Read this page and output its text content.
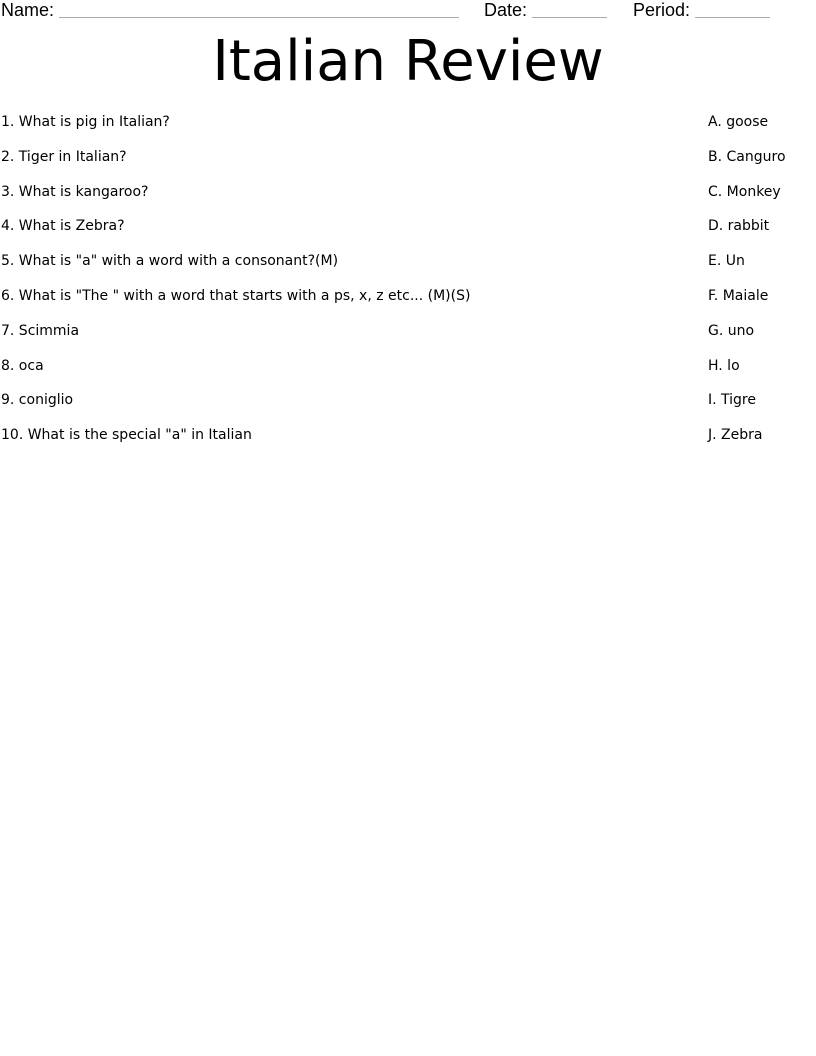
Name:	Date:	Period:
Italian Review
1. What is pig in Italian?
2. Tiger in Italian?
3. What is kangaroo?
4. What is Zebra?
5. What is "a" with a word with a consonant?(M)
6. What is "The " with a word that starts with a ps, x, z etc... (M)(S)
7. Scimmia
8. oca
9. coniglio
10. What is the special "a" in Italian
A. goose
B. Canguro
C. Monkey
D. rabbit
E. Un
F. Maiale
G. uno
H. lo
I. Tigre
J. Zebra
